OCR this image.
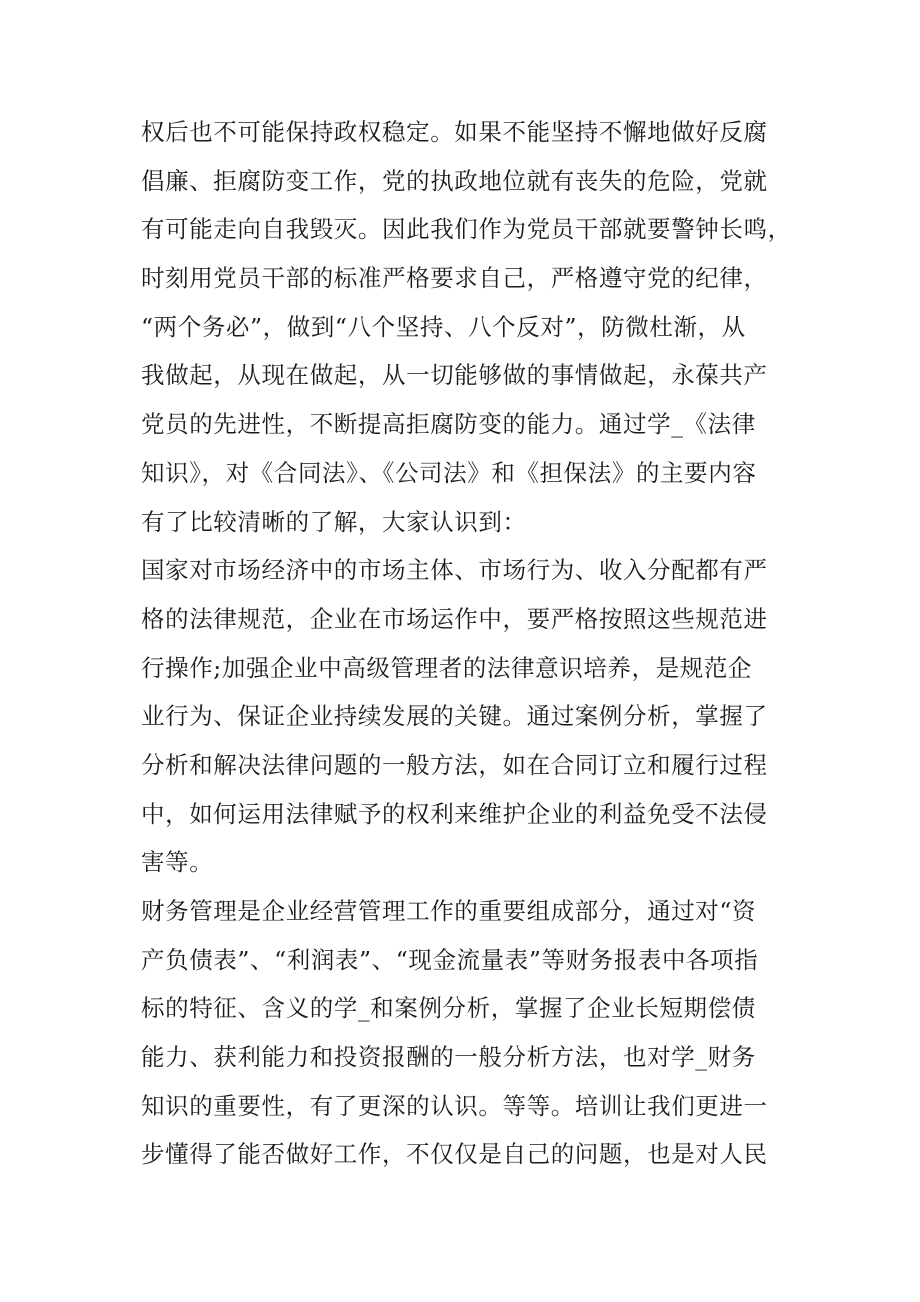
权后也不可能保持政权稳定。如果不能坚持不懈地做好反腐
倡廉、拒腐防变工作，党的执政地位就有丧失的危险，党就
有可能走向自我毁灭。因此我们作为党员干部就要警钟长鸣，
时刻用党员干部的标准严格要求自己，严格遵守党的纪律，
“两个务必”，做到“八个坚持、八个反对”，防微杜渐，从
我做起，从现在做起，从一切能够做的事情做起，永葆共产
党员的先进性，不断提高拒腐防变的能力。通过学_《法律
知识》，对《合同法》、《公司法》和《担保法》的主要内容
有了比较清晰的了解，大家认识到：
国家对市场经济中的市场主体、市场行为、收入分配都有严
格的法律规范，企业在市场运作中，要严格按照这些规范进
行操作;加强企业中高级管理者的法律意识培养，是规范企
业行为、保证企业持续发展的关键。通过案例分析，掌握了
分析和解决法律问题的一般方法，如在合同订立和履行过程
中，如何运用法律赋予的权利来维护企业的利益免受不法侵
害等。
财务管理是企业经营管理工作的重要组成部分，通过对“资
产负债表”、“利润表”、“现金流量表”等财务报表中各项指
标的特征、含义的学_和案例分析，掌握了企业长短期偿债
能力、获利能力和投资报酬的一般分析方法，也对学_财务
知识的重要性，有了更深的认识。等等。培训让我们更进一
步懂得了能否做好工作，不仅仅是自己的问题，也是对人民
